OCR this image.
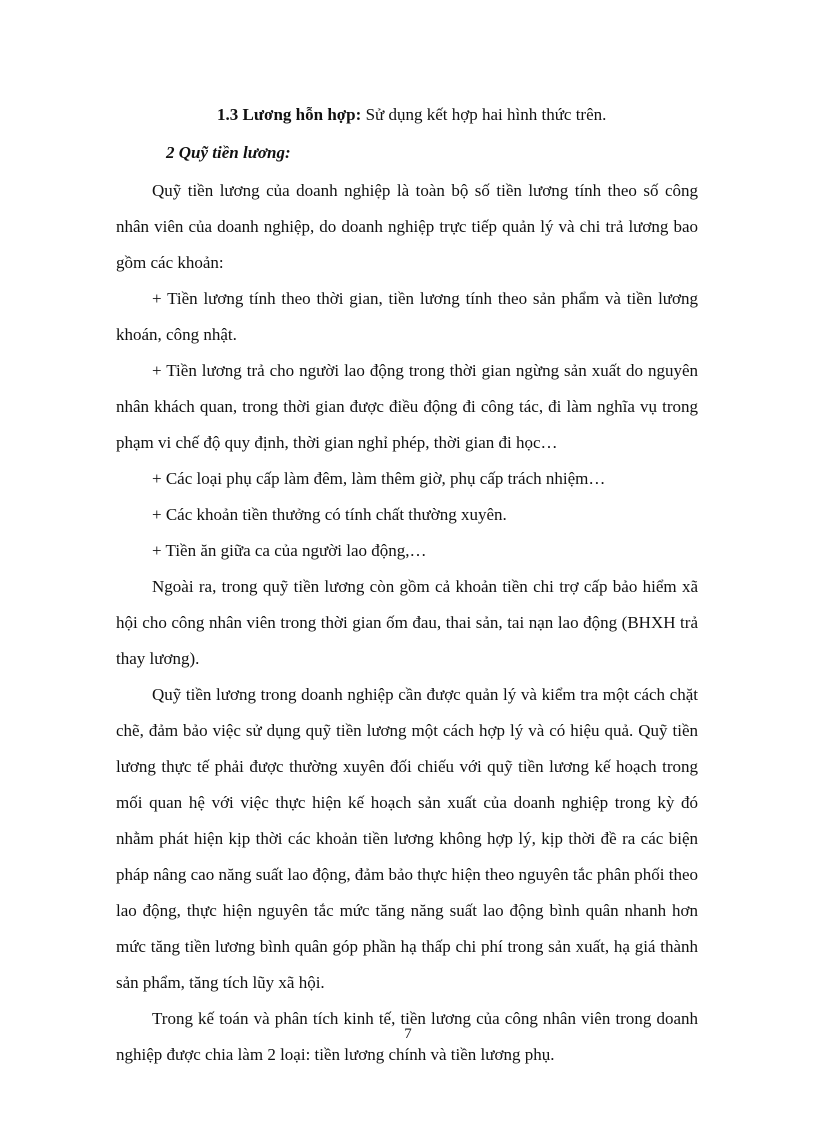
1.3 Lương hỗn hợp: Sử dụng kết hợp hai hình thức trên.

2 Quỹ tiền lương:

Quỹ tiền lương của doanh nghiệp là toàn bộ số tiền lương tính theo số công nhân viên của doanh nghiệp, do doanh nghiệp trực tiếp quản lý và chi trả lương bao gồm các khoản:

+ Tiền lương tính theo thời gian, tiền lương tính theo sản phẩm và tiền lương khoán, công nhật.

+ Tiền lương trả cho người lao động trong thời gian ngừng sản xuất do nguyên nhân khách quan, trong thời gian được điều động đi công tác, đi làm nghĩa vụ trong phạm vi chế độ quy định, thời gian nghỉ phép, thời gian đi học…

+ Các loại phụ cấp làm đêm, làm thêm giờ, phụ cấp trách nhiệm…

+ Các khoản tiền thưởng có tính chất thường xuyên.

+ Tiền ăn giữa ca của người lao động,…

Ngoài ra, trong quỹ tiền lương còn gồm cả khoản tiền chi trợ cấp bảo hiểm xã hội cho công nhân viên trong thời gian ốm đau, thai sản, tai nạn lao động (BHXH trả thay lương).

Quỹ tiền lương trong doanh nghiệp cần được quản lý và kiểm tra một cách chặt chẽ, đảm bảo việc sử dụng quỹ tiền lương một cách hợp lý và có hiệu quả. Quỹ tiền lương thực tế phải được thường xuyên đối chiếu với quỹ tiền lương kế hoạch trong mối quan hệ với việc thực hiện kế hoạch sản xuất của doanh nghiệp trong kỳ đó nhằm phát hiện kịp thời các khoản tiền lương không hợp lý, kịp thời đề ra các biện pháp nâng cao năng suất lao động, đảm bảo thực hiện theo nguyên tắc phân phối theo lao động, thực hiện nguyên tắc mức tăng năng suất lao động bình quân nhanh hơn mức tăng tiền lương bình quân góp phần hạ thấp chi phí trong sản xuất, hạ giá thành sản phẩm, tăng tích lũy xã hội.

Trong kế toán và phân tích kinh tế, tiền lương của công nhân viên trong doanh nghiệp được chia làm 2 loại: tiền lương chính và tiền lương phụ.

7
